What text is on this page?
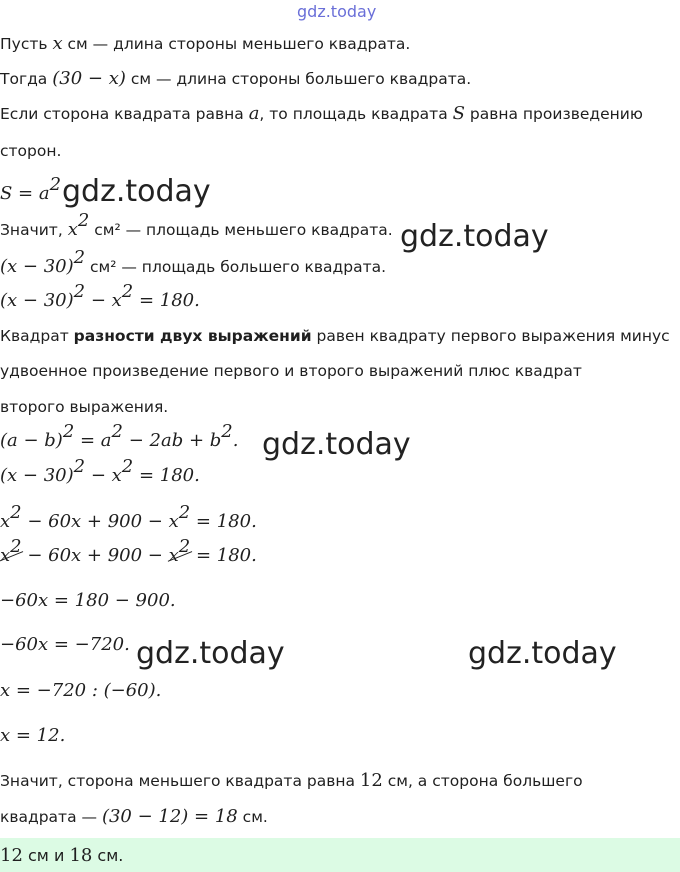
gdz.today
Пусть x см — длина стороны меньшего квадрата.
Тогда (30 − x) см — длина стороны большего квадрата.
Если сторона квадрата равна a, то площадь квадрата S равна произведению
сторон.
$S = a^2$ gdz.today
Значит, $x^2$ см² — площадь меньшего квадрата. gdz.today
$(x - 30)^2$ см² — площадь большего квадрата.
$(x - 30)^2 - x^2 = 180$.
Квадрат разности двух выражений равен квадрату первого выражения минус
удвоенное произведение первого и второго выражений плюс квадрат
второго выражения.
$(a - b)^2 = a^2 - 2ab + b^2$. gdz.today
$(x - 30)^2 - x^2 = 180$.
$x^2 - 60x + 900 - x^2 = 180$.
$x^2 - 60x + 900 - x^2 = 180$.
−60x = 180 − 900.
−60x = −720. gdz.today	gdz.today
x = −720 : (−60).
x = 12.
Значит, сторона меньшего квадрата равна 12 см, а сторона большего
квадрата — (30 − 12) = 18 см.
12 см и 18 см.
